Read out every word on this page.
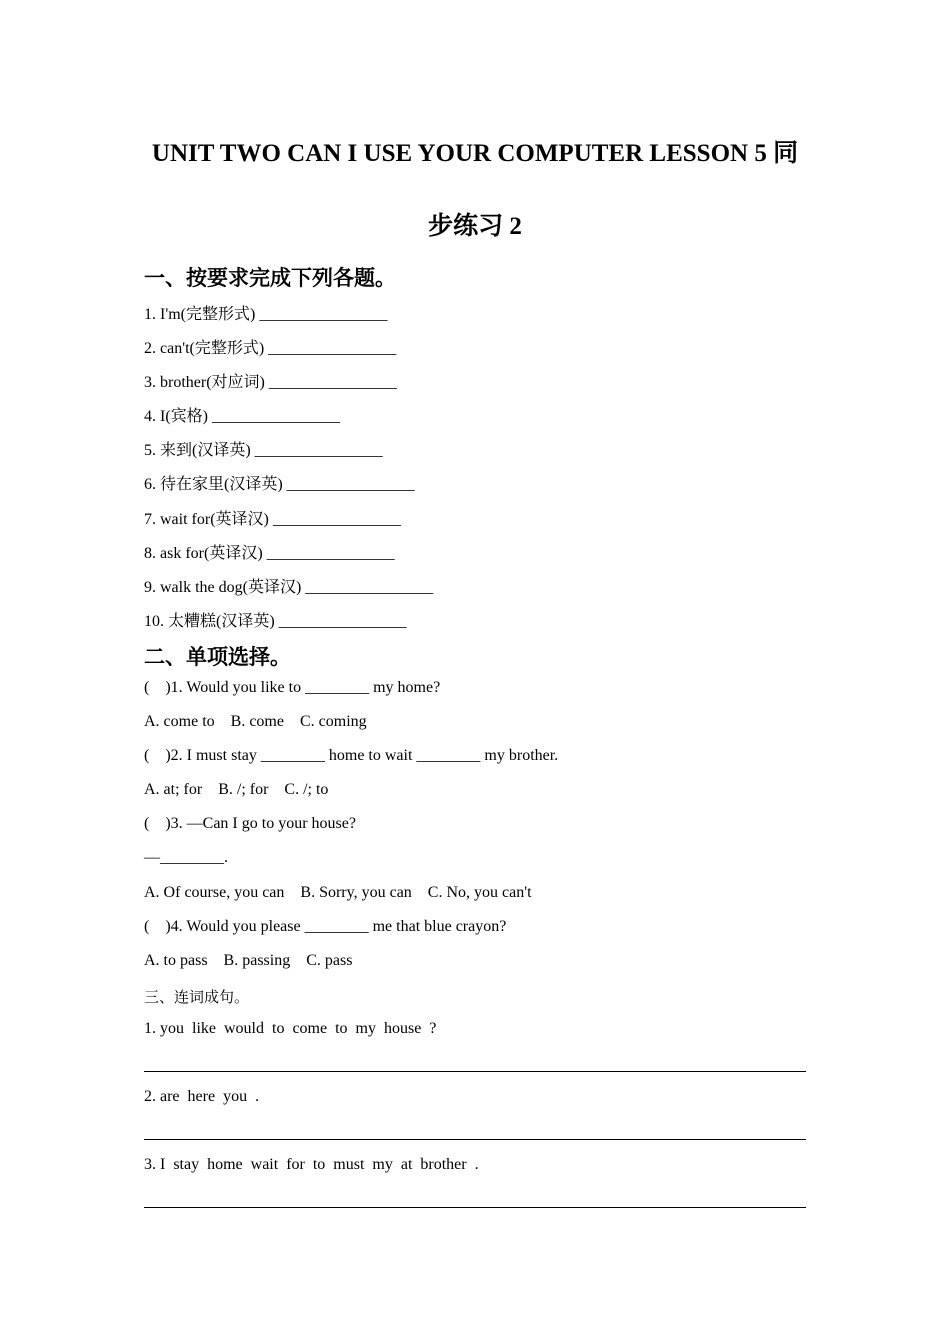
UNIT TWO CAN I USE YOUR COMPUTER LESSON 5 同
步练习 2
一、按要求完成下列各题。
1. I'm(完整形式) ________________
2. can't(完整形式) ________________
3. brother(对应词) ________________
4. I(宾格) ________________
5. 来到(汉译英) ________________
6. 待在家里(汉译英) ________________
7. wait for(英译汉) ________________
8. ask for(英译汉) ________________
9. walk the dog(英译汉) ________________
10. 太糟糕(汉译英) ________________
二、单项选择。
(    )1. Would you like to ________ my home?
A. come to    B. come    C. coming
(    )2. I must stay ________ home to wait ________ my brother.
A. at; for    B. /; for    C. /; to
(    )3. —Can I go to your house?
—________.
A. Of course, you can    B. Sorry, you can    C. No, you can't
(    )4. Would you please ________ me that blue crayon?
A. to pass    B. passing    C. pass
三、连词成句。
1. you  like  would  to  come  to  my  house  ?
2. are  here  you  .
3. I  stay  home  wait  for  to  must  my  at  brother  .
